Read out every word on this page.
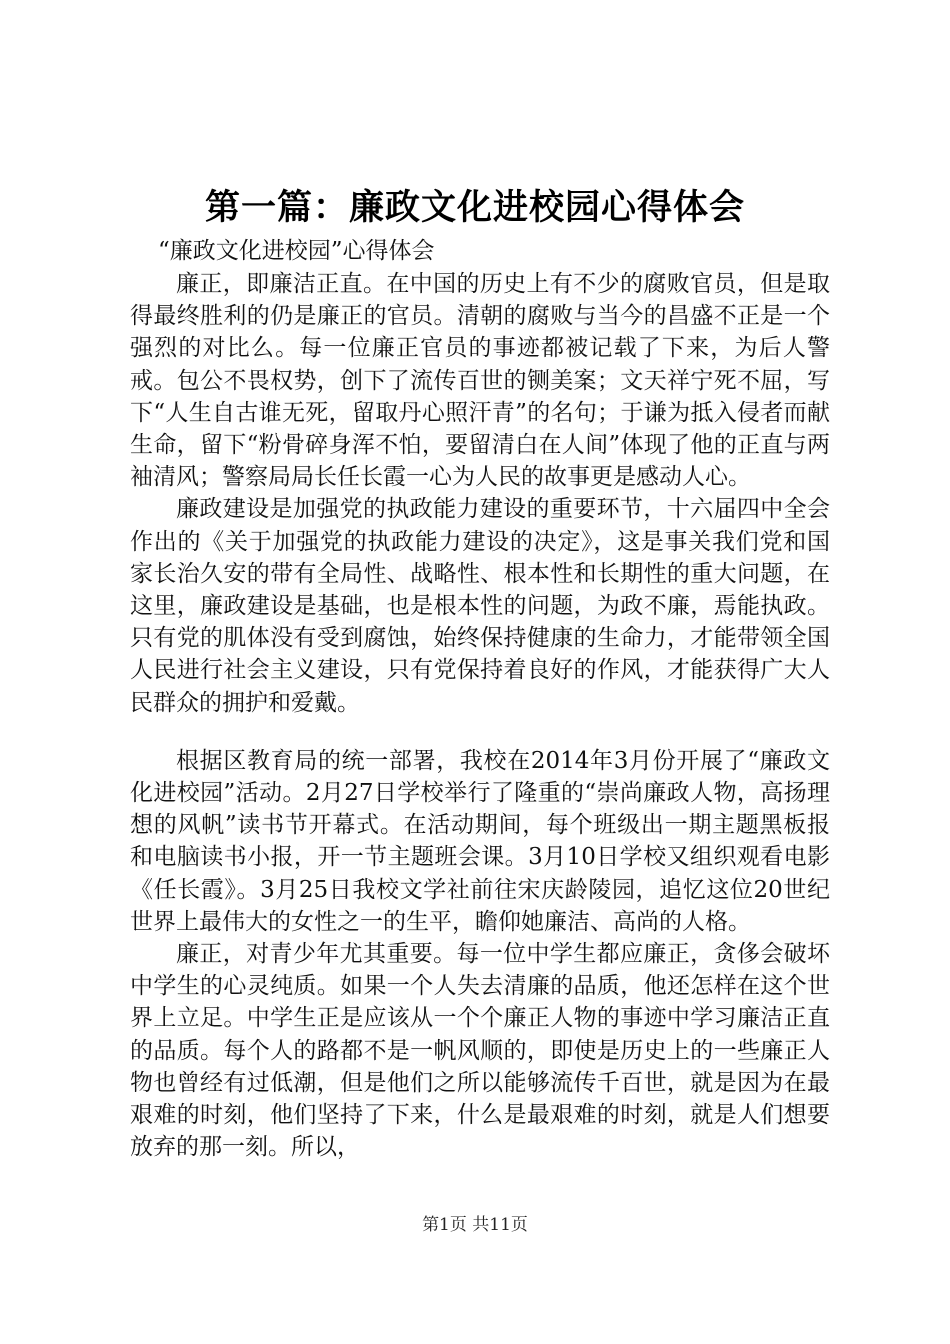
第一篇：廉政文化进校园心得体会
“廉政文化进校园”心得体会

廉正，即廉洁正直。在中国的历史上有不少的腐败官员，但是取得最终胜利的仍是廉正的官员。清朝的腐败与当今的昌盛不正是一个强烈的对比么。每一位廉正官员的事迹都被记载了下来，为后人警戒。包公不畏权势，创下了流传百世的铡美案；文天祥宁死不屈，写下“人生自古谁无死，留取丹心照汗青”的名句；于谦为抵入侵者而献生命，留下“粉骨碎身浑不怕，要留清白在人间”体现了他的正直与两袖清风；警察局局长任长霞一心为人民的故事更是感动人心。

廉政建设是加强党的执政能力建设的重要环节，十六届四中全会作出的《关于加强党的执政能力建设的决定》，这是事关我们党和国家长治久安的带有全局性、战略性、根本性和长期性的重大问题，在这里，廉政建设是基础，也是根本性的问题，为政不廉，焉能执政。只有党的肌体没有受到腐蚀，始终保持健康的生命力，才能带领全国人民进行社会主义建设，只有党保持着良好的作风，才能获得广大人民群众的拥护和爱戴。

根据区教育局的统一部署，我校在2014年3月份开展了“廉政文化进校园”活动。2月27日学校举行了隆重的“崇尚廉政人物，高扬理想的风帆”读书节开幕式。在活动期间，每个班级出一期主题黑板报和电脑读书小报，开一节主题班会课。3月10日学校又组织观看电影《任长霞》。3月25日我校文学社前往宋庆龄陵园，追忆这位20世纪世界上最伟大的女性之一的生平，瞻仰她廉洁、高尚的人格。

廉正，对青少年尤其重要。每一位中学生都应廉正，贪侈会破坏中学生的心灵纯质。如果一个人失去清廉的品质，他还怎样在这个世界上立足。中学生正是应该从一个个廉正人物的事迹中学习廉洁正直的品质。每个人的路都不是一帆风顺的，即使是历史上的一些廉正人物也曾经有过低潮，但是他们之所以能够流传千百世，就是因为在最艰难的时刻，他们坚持了下来，什么是最艰难的时刻，就是人们想要放弃的那一刻。所以，

第1页 共11页
